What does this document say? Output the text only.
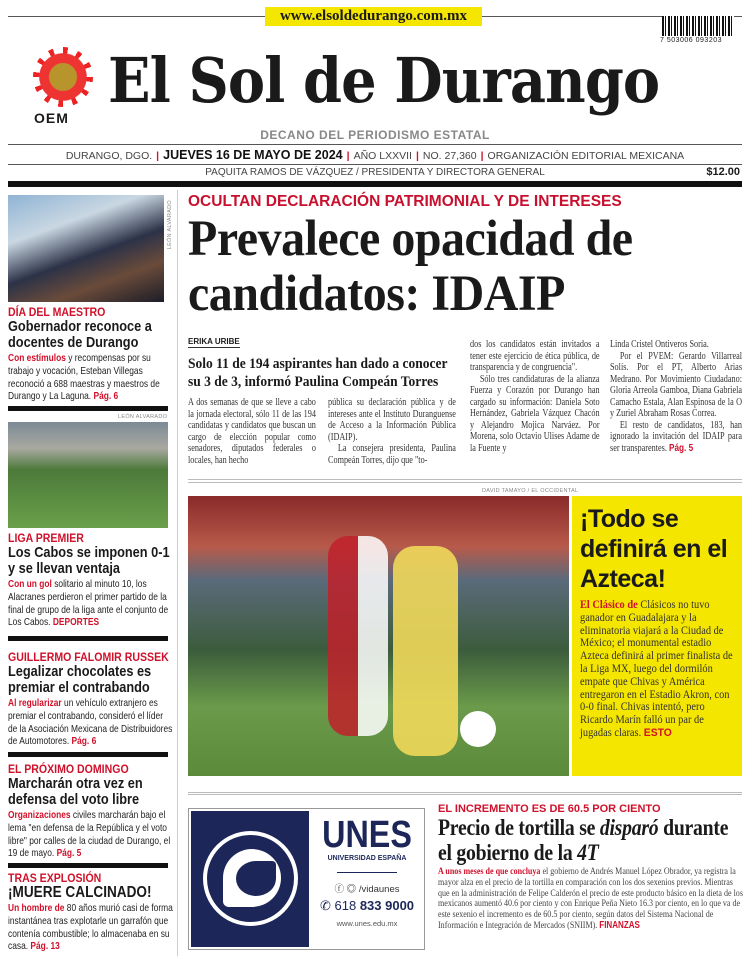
www.elsoldedurango.com.mx
7 503006 093203
OEM
El Sol de Durango
DECANO DEL PERIODISMO ESTATAL
DURANGO, DGO. | JUEVES 16 DE MAYO DE 2024 | AÑO LXXVII | NO. 27,360 | ORGANIZACIÓN EDITORIAL MEXICANA
PAQUITA RAMOS DE VÁZQUEZ / PRESIDENTA Y DIRECTORA GENERAL	$12.00
LEÓN ALVARADO
DÍA DEL MAESTRO
Gobernador reconoce a docentes de Durango
Con estímulos y recompensas por su trabajo y vocación, Esteban Villegas reconoció a 688 maestras y maestros de Durango y La Laguna. Pág. 6
LEÓN ALVARADO
LIGA PREMIER
Los Cabos se imponen 0-1 y se llevan ventaja
Con un gol solitario al minuto 10, los Alacranes perdieron el primer partido de la final de grupo de la liga ante el conjunto de Los Cabos. DEPORTES
GUILLERMO FALOMIR RUSSEK
Legalizar chocolates es premiar el contrabando
Al regularizar un vehículo extranjero es premiar el contrabando, consideró el líder de la Asociación Mexicana de Distribuidores de Automotores. Pág. 6
EL PRÓXIMO DOMINGO
Marcharán otra vez en defensa del voto libre
Organizaciones civiles marcharán bajo el lema "en defensa de la República y el voto libre" por calles de la ciudad de Durango, el 19 de mayo. Pág. 5
TRAS EXPLOSIÓN
¡MUERE CALCINADO!
Un hombre de 80 años murió casi de forma instantánea tras explotarle un garrafón que contenía combustible; lo almacenaba en su casa. Pág. 13
OCULTAN DECLARACIÓN PATRIMONIAL Y DE INTERESES
Prevalece opacidad de candidatos: IDAIP
ERIKA URIBE
Solo 11 de 194 aspirantes han dado a conocer su 3 de 3, informó Paulina Compeán Torres

A dos semanas de que se lleve a cabo la jornada electoral, sólo 11 de las 194 candidatas y candidatos que buscan un cargo de elección popular como senadores, diputados federales o locales, han hecho

pública su declaración pública y de intereses ante el Instituto Duranguense de Acceso a la Información Pública (IDAIP).

La consejera presidenta, Paulina Compeán Torres, dijo que "to-

dos los candidatos están invitados a tener este ejercicio de ética pública, de transparencia y de congruencia".

Sólo tres candidaturas de la alianza Fuerza y Corazón por Durango han cargado su información: Daniela Soto Hernández, Gabriela Vázquez Chacón y Alejandro Mojica Narváez. Por Morena, solo Octavio Ulises Adame de la Fuente y

Linda Cristel Ontiveros Soria.

Por el PVEM: Gerardo Villarreal Solís. Por el PT, Alberto Arias Medrano. Por Movimiento Ciudadano: Gloria Arreola Gamboa, Diana Gabriela Camacho Estala, Alan Espinosa de la O y Zuriel Abraham Rosas Correa.

El resto de candidatos, 183, han ignorado la invitación del IDAIP para ser transparentes. Pág. 5

DAVID TAMAYO / EL OCCIDENTAL
¡Todo se definirá en el Azteca!
El Clásico de Clásicos no tuvo ganador en Guadalajara y la eliminatoria viajará a la Ciudad de México; el monumental estadio Azteca definirá al primer finalista de la Liga MX, luego del dormilón empate que Chivas y América entregaron en el Estadio Akron, con 0-0 final. Chivas intentó, pero Ricardo Marín falló un par de jugadas claras. ESTO
UNES
UNIVERSIDAD ESPAÑA
ⓕ ◎ /vidaunes
✆ 618 833 9000
www.unes.edu.mx
EL INCREMENTO ES DE 60.5 POR CIENTO
Precio de tortilla se disparó durante el gobierno de la 4T
A unos meses de que concluya el gobierno de Andrés Manuel López Obrador, ya registra la mayor alza en el precio de la tortilla en comparación con los dos sexenios previos. Mientras que en la administración de Felipe Calderón el precio de este producto básico en la dieta de los mexicanos aumentó 40.6 por ciento y con Enrique Peña Nieto 16.3 por ciento, en lo que va de este sexenio el incremento es de 60.5 por ciento, según datos del Sistema Nacional de Información e Integración de Mercados (SNIIM). FINANZAS
